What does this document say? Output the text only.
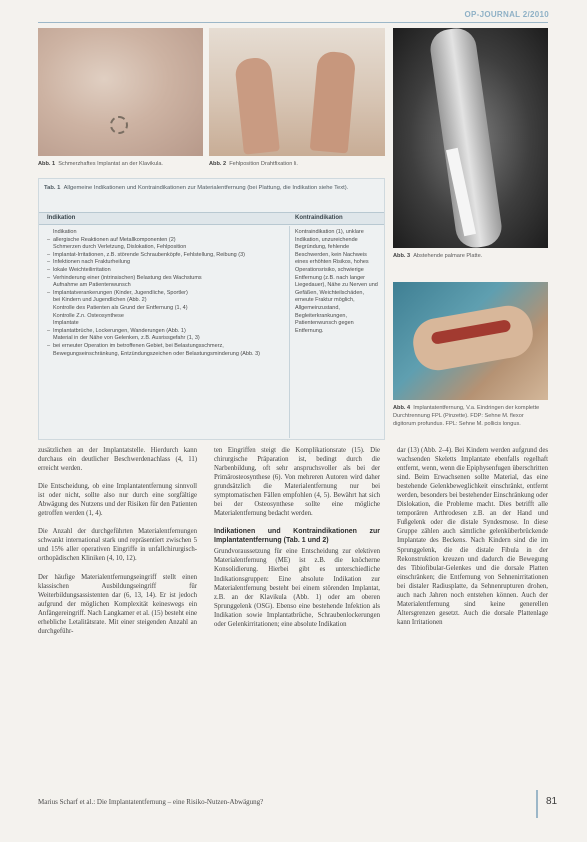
OP-JOURNAL 2/2010
Abb. 1 Schmerzhaftes Implantat an der Klavikula.	Abb. 2 Fehlposition Drahtfixation li.
Abb. 3 Abstehende palmare Platte.
Abb. 4 Implantatentfernung, V.a. Eindringen der komplette Durchtrennung FPL (Pinzette). FDP: Sehne M. flexor digitorum profundus. FPL: Sehne M. pollicis longus.
Tab. 1 Allgemeine Indikationen und Kontraindikationen zur Materialentfernung (bei Plattung, die Indikation siehe Text).
Indikation	Kontraindikation
Indikation
– allergische Reaktionen auf Metallkomponenten (2)
Schmerzen durch Verletzung, Dislokation, Fehlposition
– Implantat-Irritationen, z.B. störende Schraubenköpfe, Fehlstellung, Reibung (3)
– Infektionen nach Frakturheilung
– lokale Weichteilirritation
– Verhinderung einer (intrinsischen) Belastung des Wachstums
Aufnahme am Patientenwunsch
– Implantatverankerungen (Kinder, Jugendliche, Sportler)
bei Kindern und Jugendlichen (Abb. 2)
Kontrolle des Patienten als Grund der Entfernung (1, 4)
Kontrolle Z.n. Osteosynthese
Implantate
– Implantatbrüche, Lockerungen, Wanderungen (Abb. 1)
Material in der Nähe von Gelenken, z.B. Ausrissgefahr (1, 3)
– bei erneuter Operation im betroffenen Gebiet, bei Belastungsschmerz, Bewegungseinschränkung, Entzündungszeichen oder Belastungsminderung (Abb. 3)
Kontraindikation (1), unklare Indikation, unzureichende Begründung, fehlende Beschwerden, kein Nachweis eines erhöhten Risikos, hohes Operationsrisiko, schwierige Entfernung (z.B. nach langer Liegedauer), Nähe zu Nerven und Gefäßen, Weichteilschäden, erneute Fraktur möglich, Allgemeinzustand, Begleiterkrankungen, Patientenwunsch gegen Entfernung.

zusätzlichen an der Implantatstelle. Hierdurch kann durchaus ein deutlicher Beschwerdenachlass (4, 11) erreicht werden.

Die Entscheidung, ob eine Implantatentfernung sinnvoll ist oder nicht, sollte also nur durch eine sorgfältige Abwägung des Nutzens und der Risiken für den Patienten getroffen werden (1, 4).

Die Anzahl der durchgeführten Materialentfernungen schwankt international stark und repräsentiert zwischen 5 und 15% aller operativen Eingriffe in unfallchirurgisch-orthopädischen Kliniken (4, 10, 12).

Der häufige Materialentfernungseingriff stellt einen klassischen Ausbildungseingriff für Weiterbildungsassistenten dar (6, 13, 14). Er ist jedoch aufgrund der möglichen Komplexität keineswegs ein Anfängereingriff. Nach Langkamer et al. (15) besteht eine erhebliche Letalitätsrate. Mit einer steigenden Anzahl an durchgeführ-

ten Eingriffen steigt die Komplikationsrate (15). Die chirurgische Präparation ist, bedingt durch die Narbenbildung, oft sehr anspruchsvoller als bei der Primärosteosynthese (6). Von mehreren Autoren wird daher grundsätzlich die Materialentfernung nur bei symptomatischen Fällen empfohlen (4, 5). Bewährt hat sich bei der Osteosynthese sollte eine mögliche Materialentfernung bedacht werden.

Indikationen und Kontraindikationen zur Implantatentfernung (Tab. 1 und 2)

Grundvoraussetzung für eine Entscheidung zur elektiven Materialentfernung (ME) ist z.B. die knöcherne Konsolidierung. Hierbei gibt es unterschiedliche Indikationsgruppen: Eine absolute Indikation zur Materialentfernung besteht bei einem störenden Implantat, z.B. an der Klavikula (Abb. 1) oder am oberen Sprunggelenk (OSG). Ebenso eine bestehende Infektion als Indikation sowie Implantatbrüche, Schraubenlockerungen oder Gelenkirritationen; eine absolute Indikation

dar (13) (Abb. 2–4). Bei Kindern werden aufgrund des wachsenden Skeletts Implantate ebenfalls regelhaft entfernt, wenn, wenn die Epiphysenfugen überschritten sind. Beim Erwachsenen sollte Material, das eine bestehende Gelenkbeweglichkeit einschränkt, entfernt werden, besonders bei bestehender Einschränkung oder Dislokation, die Probleme macht. Dies betrifft alle temporären Arthrodesen z.B. an der Hand und Fußgelenk oder die distale Syndesmose. In diese Gruppe zählen auch sämtliche gelenküberbrückende Implantate des Beckens. Nach Kindern sind die im Sprunggelenk, die die distale Fibula in der Rekonstruktion kreuzen und dadurch die Bewegung des Tibiofibular-Gelenkes und die dorsale Platten einschränken; die Entfernung von Sehnenirritationen bei distaler Radiusplatte, da Sehnenrupturen drohen, auch nach Jahren noch entstehen können. Auch der Materialentfernung sind keine generellen Altersgrenzen gesetzt. Auch die dorsale Plattenlage kann Irritationen

Marius Scharf et al.: Die Implantatentfernung – eine Risiko-Nutzen-Abwägung?	81
